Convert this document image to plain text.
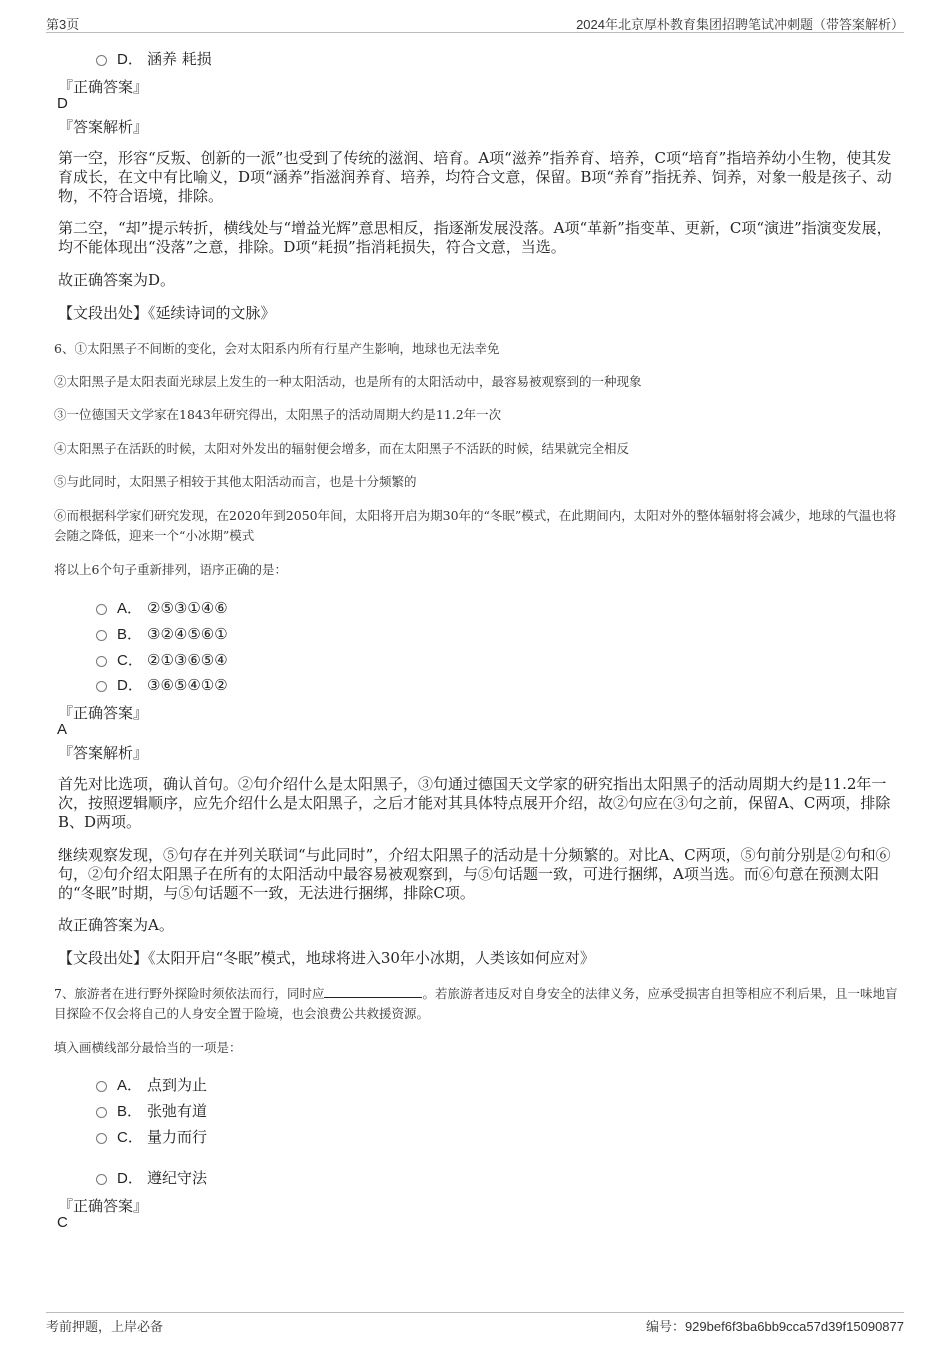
第3页	2024年北京厚朴教育集团招聘笔试冲刺题（带答案解析）
D． 涵养 耗损
『正确答案』
D
『答案解析』
第一空，形容“反叛、创新的一派”也受到了传统的滋润、培育。A项“滋养”指养育、培养，C项“培育”指培养幼小生物，使其发育成长，在文中有比喻义，D项“涵养”指滋润养育、培养，均符合文意，保留。B项“养育”指抚养、饲养，对象一般是孩子、动物，不符合语境，排除。
第二空，“却”提示转折，横线处与“增益光辉”意思相反，指逐渐发展没落。A项“革新”指变革、更新，C项“演进”指演变发展，均不能体现出“没落”之意，排除。D项“耗损”指消耗损失，符合文意，当选。
故正确答案为D。
【文段出处】《延续诗词的文脉》
6、①太阳黑子不间断的变化，会对太阳系内所有行星产生影响，地球也无法幸免
②太阳黑子是太阳表面光球层上发生的一种太阳活动，也是所有的太阳活动中，最容易被观察到的一种现象
③一位德国天文学家在1843年研究得出，太阳黑子的活动周期大约是11.2年一次
④太阳黑子在活跃的时候，太阳对外发出的辐射便会增多，而在太阳黑子不活跃的时候，结果就完全相反
⑤与此同时，太阳黑子相较于其他太阳活动而言，也是十分频繁的
⑥而根据科学家们研究发现，在2020年到2050年间，太阳将开启为期30年的“冬眠”模式，在此期间内，太阳对外的整体辐射将会减少，地球的气温也将会随之降低，迎来一个“小冰期”模式
将以上6个句子重新排列，语序正确的是：
A． ②⑤③①④⑥
B． ③②④⑤⑥①
C． ②①③⑥⑤④
D． ③⑥⑤④①②
『正确答案』
A
『答案解析』
首先对比选项，确认首句。②句介绍什么是太阳黑子，③句通过德国天文学家的研究指出太阳黑子的活动周期大约是11.2年一次，按照逻辑顺序，应先介绍什么是太阳黑子，之后才能对其具体特点展开介绍，故②句应在③句之前，保留A、C两项，排除B、D两项。
继续观察发现，⑤句存在并列关联词“与此同时”，介绍太阳黑子的活动是十分频繁的。对比A、C两项，⑤句前分别是②句和⑥句，②句介绍太阳黑子在所有的太阳活动中最容易被观察到，与⑤句话题一致，可进行捆绑，A项当选。而⑥句意在预测太阳的“冬眠”时期，与⑤句话题不一致，无法进行捆绑，排除C项。
故正确答案为A。
【文段出处】《太阳开启“冬眠”模式，地球将进入30年小冰期，人类该如何应对》
7、旅游者在进行野外探险时须依法而行，同时应	。若旅游者违反对自身安全的法律义务，应承受损害自担等相应不利后果，且一味地盲目探险不仅会将自己的人身安全置于险境，也会浪费公共救援资源。
填入画横线部分最恰当的一项是：
A． 点到为止
B． 张弛有道
C． 量力而行
D． 遵纪守法
『正确答案』
C
考前押题，上岸必备	编号：929bef6f3ba6bb9cca57d39f15090877
